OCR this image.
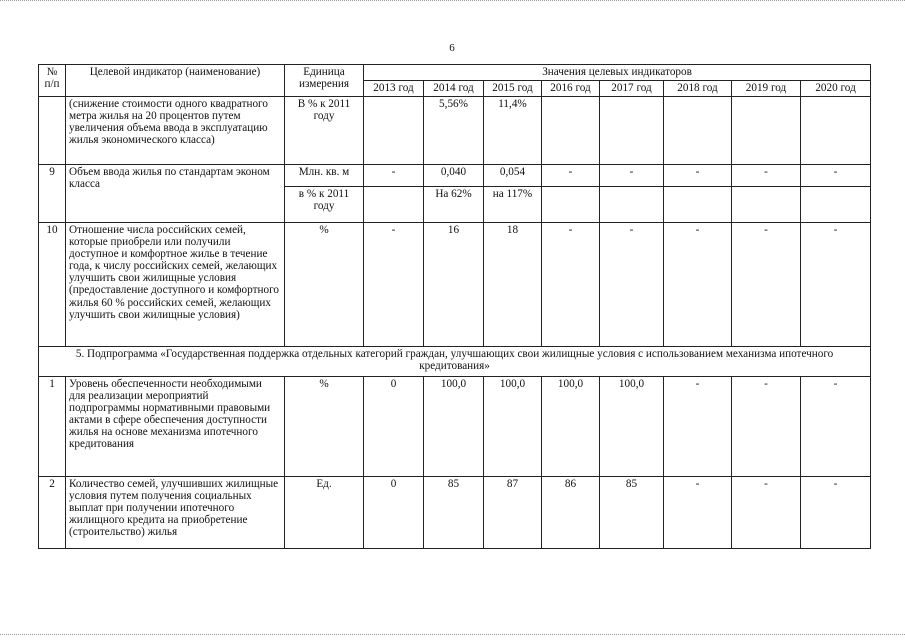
6
№ п/п	Целевой индикатор (наименование)	Единица измерения	Значения целевых индикаторов							
			2013 год	2014 год	2015 год	2016 год	2017 год	2018 год	2019 год	2020 год
	(снижение стоимости одного квадратного метра жилья на 20 процентов путем увеличения объема ввода в эксплуатацию жилья экономического класса)	В % к 2011 году		5,56%	11,4%					
9	Объем ввода жилья по стандартам эконом класса	Млн. кв. м	-	0,040	0,054	-	-	-	-	-
		в % к 2011 году		На 62%	на 117%					
10	Отношение числа российских семей, которые приобрели или получили доступное и комфортное жилье в течение года, к числу российских семей, желающих улучшить свои жилищные условия (предоставление доступного и комфортного жилья 60 % российских семей, желающих улучшить свои жилищные условия)	%	-	16	18	-	-	-	-	-
5. Подпрограмма «Государственная поддержка отдельных категорий граждан, улучшающих свои жилищные условия с использованием механизма ипотечного кредитования»										
1	Уровень обеспеченности необходимыми для реализации мероприятий подпрограммы нормативными правовыми актами в сфере обеспечения доступности жилья на основе механизма ипотечного кредитования	%	0	100,0	100,0	100,0	100,0	-	-	-
2	Количество семей, улучшивших жилищные условия путем получения социальных выплат при получении ипотечного жилищного кредита на приобретение (строительство) жилья	Ед.	0	85	87	86	85	-	-	-
